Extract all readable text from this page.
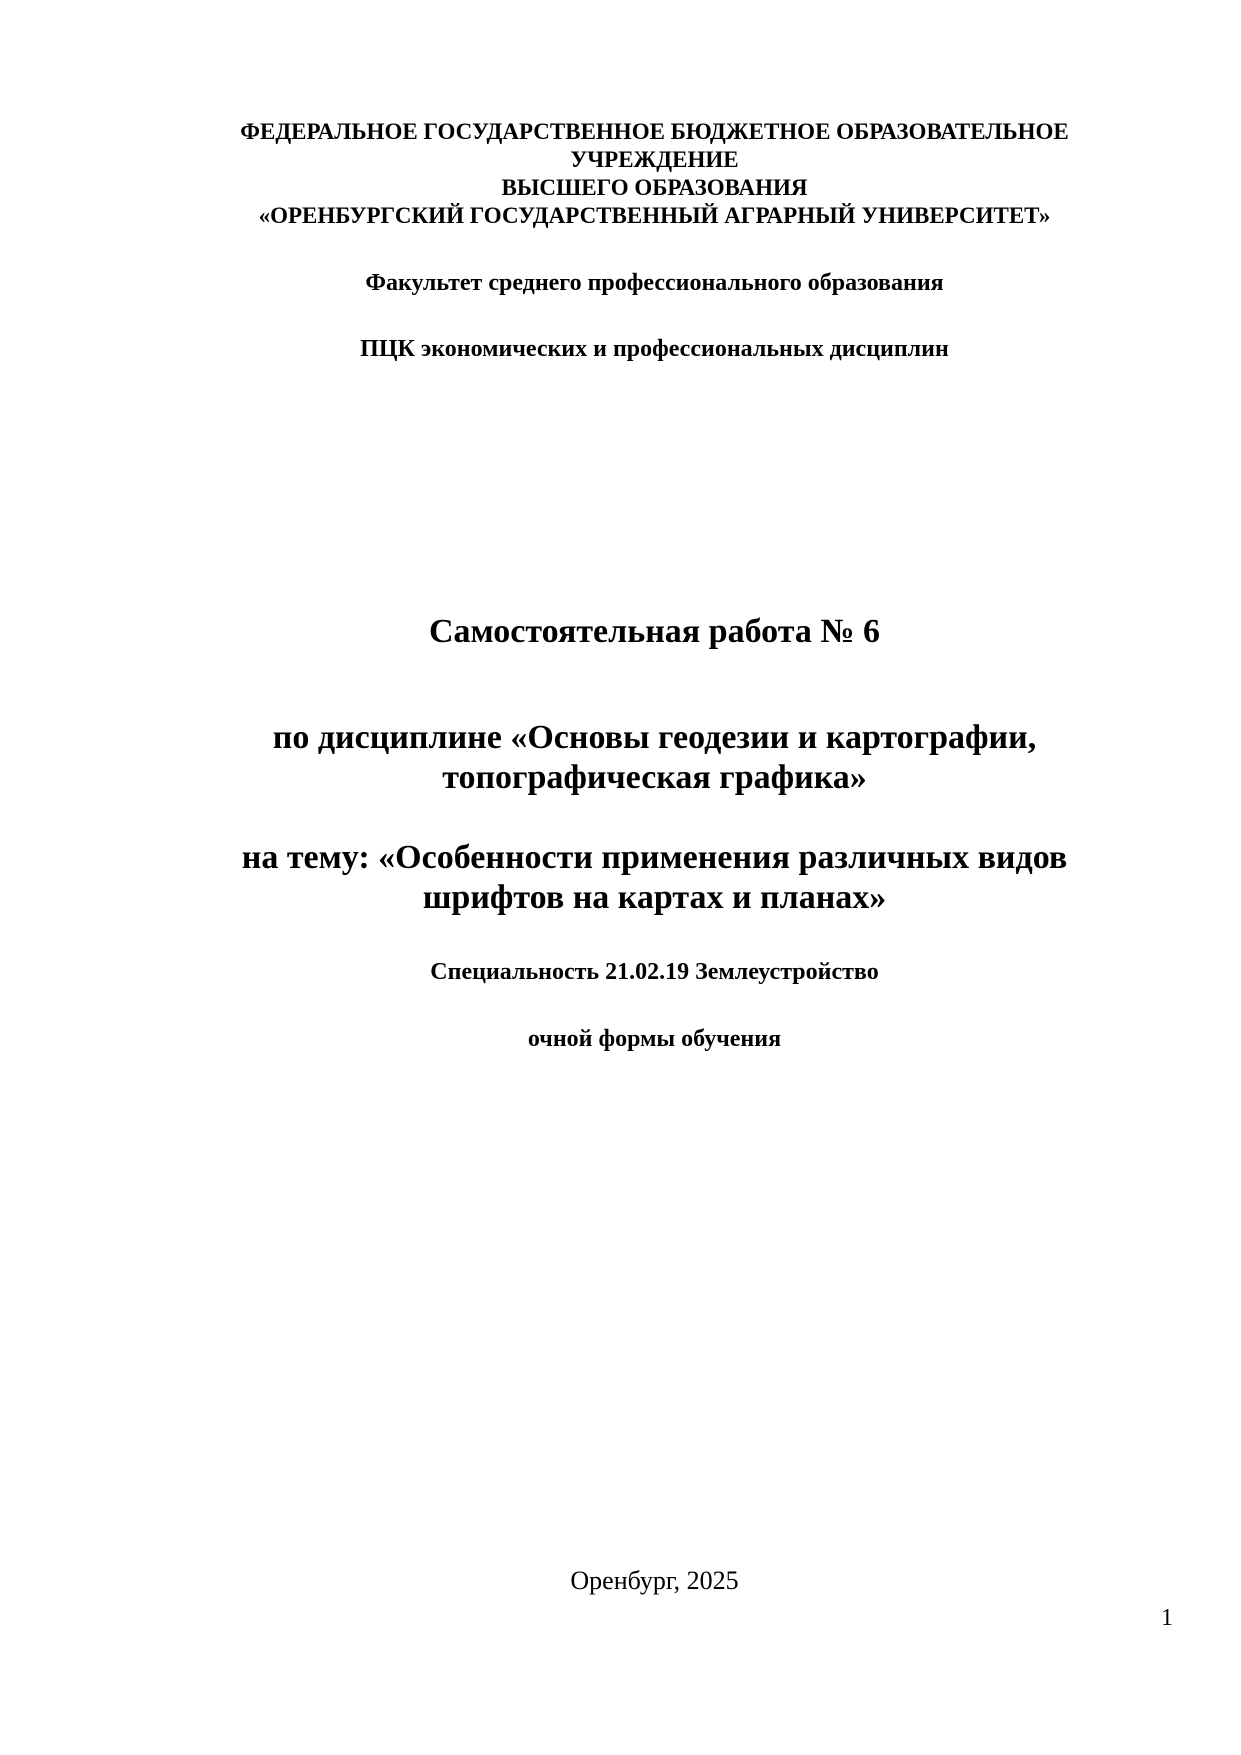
ФЕДЕРАЛЬНОЕ ГОСУДАРСТВЕННОЕ БЮДЖЕТНОЕ ОБРАЗОВАТЕЛЬНОЕ
УЧРЕЖДЕНИЕ
ВЫСШЕГО ОБРАЗОВАНИЯ
«ОРЕНБУРГСКИЙ ГОСУДАРСТВЕННЫЙ АГРАРНЫЙ УНИВЕРСИТЕТ»
Факультет среднего профессионального образования
ПЦК экономических и профессиональных дисциплин
Самостоятельная работа № 6
по дисциплине «Основы геодезии и картографии,
топографическая графика»
на тему: «Особенности применения различных видов
шрифтов на картах и планах»
Специальность 21.02.19 Землеустройство
очной формы обучения
Оренбург, 2025
1
